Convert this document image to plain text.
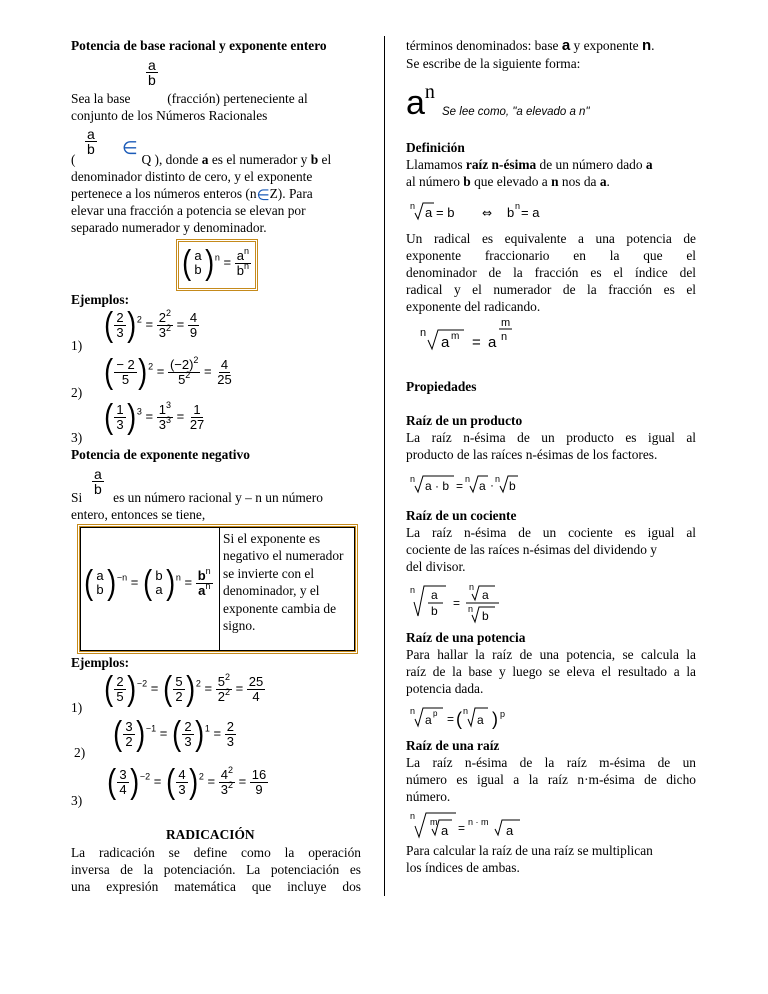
Potencia de base racional y exponente entero
$\frac{a}{b}$
Sea la base	(fracción) perteneciente al
conjunto de los Números Racionales
$\frac{a}{b}$ ∈
(	Q ), donde a es el numerador y b el
denominador distinto de cero, y el exponente
pertenece a los números enteros (n∈Z). Para
elevar una fracción a potencia se elevan por
separado numerador y denominador.
( a
b )$^n = \frac{a^n}{b^n}$
Ejemplos:
1)
( $\frac{2}{3} )^2 = \frac{2^2}{3^2} = \frac{4}{9}$
2)
( $\frac{- 2}{5} )^2 = \frac{(-2)^2}{5^2} = \frac{4}{25}$
3)
( $\frac{1}{3} )^3 = \frac{1^3}{3^3} = \frac{1}{27}$
Potencia de exponente negativo
$\frac{a}{b}$
Si es un número racional y – n un número
entero, entonces se tiene,
( a
b )$^{-n}$ = ( b
a )$^n = \frac{b^n}{a^n}$
Si el exponente es negativo el numerador se invierte con el denominador, y el exponente cambia de signo.
Ejemplos:
1) ( $\frac{2}{5} )^{-2}$ = ( $\frac{5}{2} )^2 = \frac{5^2}{2^2} = \frac{25}{4}$
2) ( $\frac{3}{2} )^{-1}$ = ( $\frac{2}{3} )^1 = \frac{2}{3}$
3) ( $\frac{3}{4} )^{-2}$ = ( $\frac{4}{3} )^2 = \frac{4^2}{3^2} = \frac{16}{9}$
RADICACIÓN
La radicación se define como la operación
inversa de la potenciación. La potenciación es
una expresión matemática que incluye dos
términos denominados: base a y exponente n.
Se escribe de la siguiente forma:
$a^n$
Se lee como, "a elevado a n"
Definición
Llamamos raíz n-ésima de un número dado a
al número b que elevado a n nos da a.
n a = b ⇔ b n = a
Un radical es equivalente a una potencia de
exponente fraccionario en la que el
denominador de la fracción es el índice del
radical y el numerador de la fracción es el
exponente del radicando.
n
a m = a
m
n
Propiedades
Raíz de un producto
La raíz n-ésima de un producto es igual al
producto de las raíces n-ésimas de los factores.
n a · b = n a · n b
Raíz de un cociente
La raíz n-ésima de un cociente es igual al
cociente de las raíces n-ésimas del dividendo y
del divisor.
n a
b
=
n
a
n b
Raíz de una potencia
Para hallar la raíz de una potencia, se calcula la
raíz de la base y luego se eleva el resultado a la
potencia dada.
n
a p = ( n
a ) p
Raíz de una raíz
La raíz n-ésima de la raíz m-ésima de un
número es igual a la raíz n·m-ésima de dicho
número.
n
m
a = n · m
a
Para calcular la raíz de una raíz se multiplican
los índices de ambas.
